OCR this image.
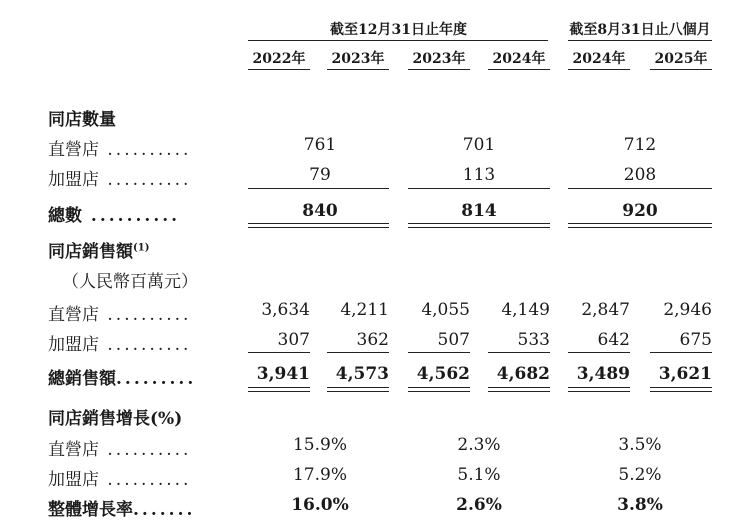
截至12月31日止年度	截至8月31日止八個月
2022年	2023年	2023年	2024年	2024年	2025年
同店數量
直營店 ..........	761	701	712
加盟店 ..........	79	113	208
總數 ..........	840	814	920
同店銷售額$^{(1)}$
（人民幣百萬元）
直營店 ..........	3,634	4,211	4,055	4,149	2,847	2,946
加盟店 ..........	307	362	507	533	642	675
總銷售額.........	3,941	4,573	4,562	4,682	3,489	3,621
同店銷售增長(%)
直營店 ..........	15.9%	2.3%	3.5%
加盟店 ..........	17.9%	5.1%	5.2%
整體增長率.......	16.0%	2.6%	3.8%
